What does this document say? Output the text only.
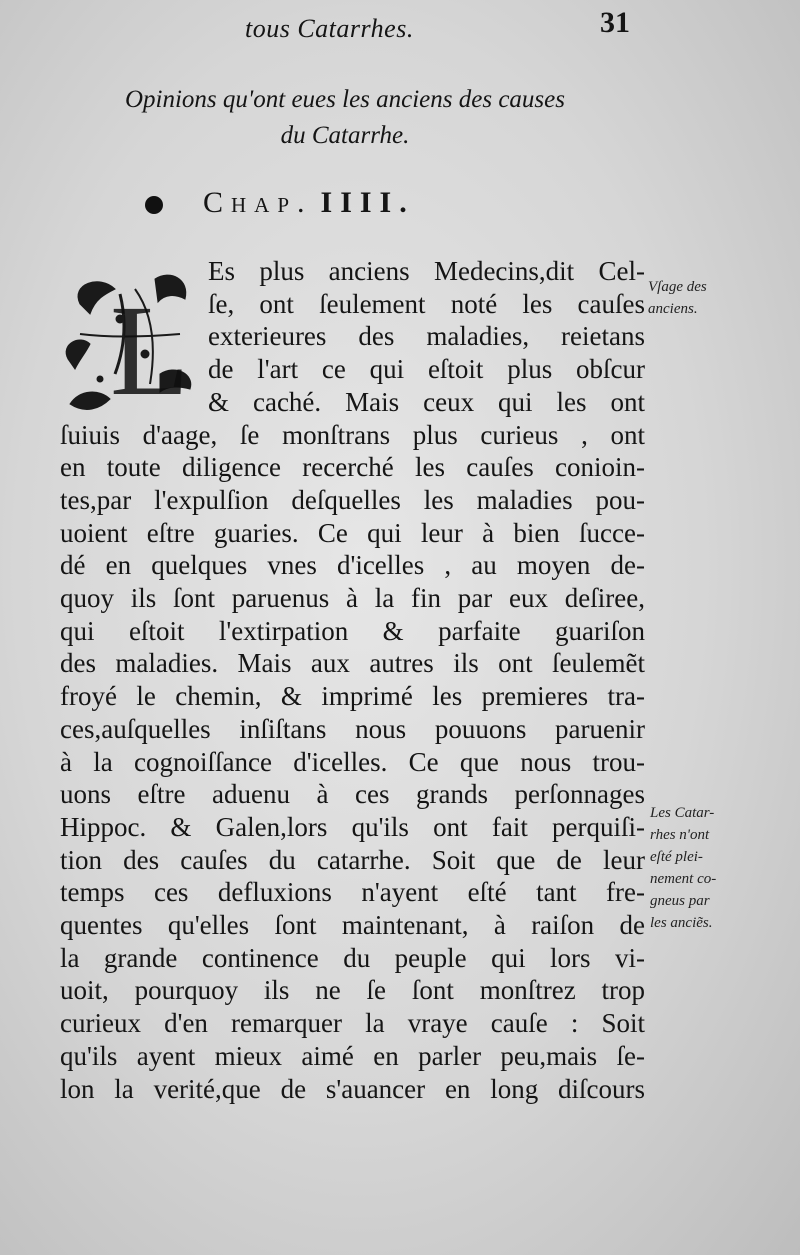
tous Catarrhes.	31
Opinions qu'ont eues les anciens des causes
du Catarrhe.
Chap. IIII.
L
Es plus anciens Medecins,dit Cel-
ſe, ont ſeulement noté les cauſes
exterieures des maladies, reietans
de l'art ce qui eſtoit plus obſcur
& caché. Mais ceux qui les ont
ſuiuis d'aage, ſe monſtrans plus curieus , ont
en toute diligence recerché les cauſes conioin-
tes,par l'expulſion deſquelles les maladies pou-
uoient eſtre guaries. Ce qui leur à bien ſucce-
dé en quelques vnes d'icelles , au moyen de-
quoy ils ſont paruenus à la fin par eux deſiree,
qui eſtoit l'extirpation & parfaite guariſon
des maladies. Mais aux autres ils ont ſeulemẽt
froyé le chemin, & imprimé les premieres tra-
ces,auſquelles inſiſtans nous pouuons paruenir
à la cognoiſſance d'icelles. Ce que nous trou-
uons eſtre aduenu à ces grands perſonnages
Hippoc. & Galen,lors qu'ils ont fait perquiſi-
tion des cauſes du catarrhe. Soit que de leur
temps ces defluxions n'ayent eſté tant fre-
quentes qu'elles ſont maintenant, à raiſon de
la grande continence du peuple qui lors vi-
uoit, pourquoy ils ne ſe ſont monſtrez trop
curieux d'en remarquer la vraye cauſe : Soit
qu'ils ayent mieux aimé en parler peu,mais ſe-
lon la verité,que de s'auancer en long diſcours
Vſage des
anciens.
Les Catar-
rhes n'ont
eſté plei-
nement co-
gneus par
les anciẽs.
